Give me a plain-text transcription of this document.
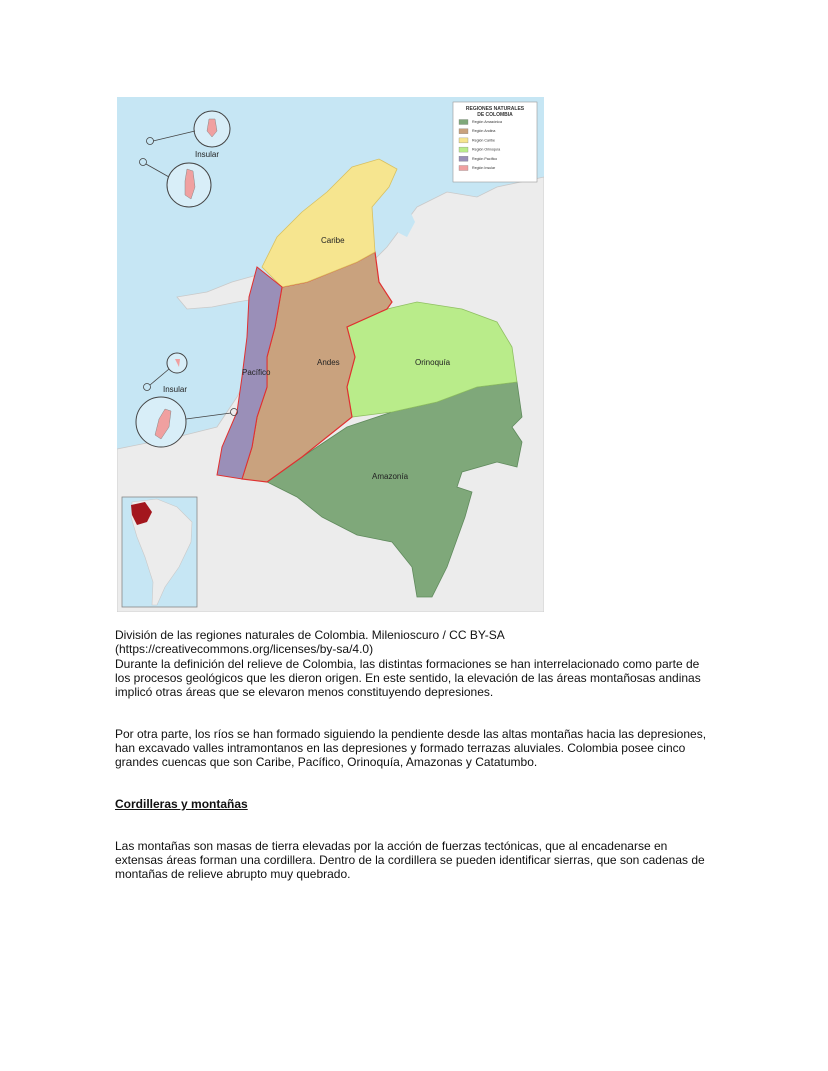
Caribe
Andes	Orinoquía
Pacífico
Amazonía
Insular
Insular
REGIONES NATURALES
DE COLOMBIA
Región Amazónica
Región Andina
Región Caribe
Región Orinoquía
Región Pacífico
Región Insular

División de las regiones naturales de Colombia. Milenioscuro / CC BY-SA
(https://creativecommons.org/licenses/by-sa/4.0)

Durante la definición del relieve de Colombia, las distintas formaciones se han interrelacionado como parte de los procesos geológicos que les dieron origen. En este sentido, la elevación de las áreas montañosas andinas implicó otras áreas que se elevaron menos constituyendo depresiones.

Por otra parte, los ríos se han formado siguiendo la pendiente desde las altas montañas hacia las depresiones, han excavado valles intramontanos en las depresiones y formado terrazas aluviales. Colombia posee cinco grandes cuencas que son Caribe, Pacífico, Orinoquía, Amazonas y Catatumbo.

Cordilleras y montañas

Las montañas son masas de tierra elevadas por la acción de fuerzas tectónicas, que al encadenarse en extensas áreas forman una cordillera. Dentro de la cordillera se pueden identificar sierras, que son cadenas de montañas de relieve abrupto muy quebrado.
